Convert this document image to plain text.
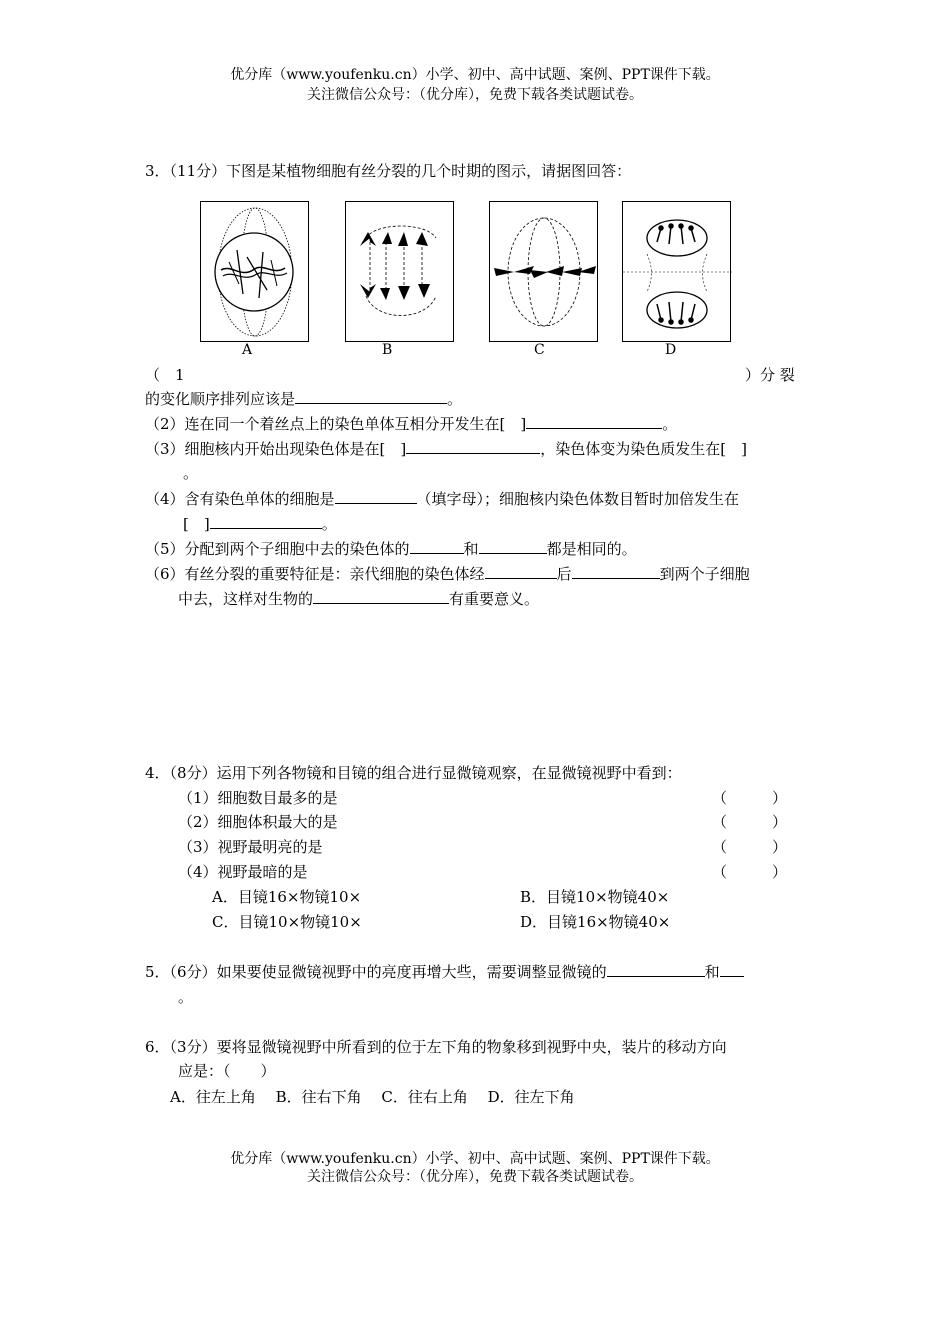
优分库（www.youfenku.cn）小学、初中、高中试题、案例、PPT课件下载。
关注微信公众号：（优分库），免费下载各类试题试卷。
3．（11分）下图是某植物细胞有丝分裂的几个时期的图示，请据图回答：
A	B	C	D
（　1	）分 裂
的变化顺序排列应该是	。
（2）连在同一个着丝点上的染色单体互相分开发生在[　]	。
（3）细胞核内开始出现染色体是在[　]	，染色体变为染色质发生在[　]
。
（4）含有染色单体的细胞是	（填字母）；细胞核内染色体数目暂时加倍发生在
[　]	。
（5）分配到两个子细胞中去的染色体的	和	都是相同的。
（6）有丝分裂的重要特征是：亲代细胞的染色体经	后	到两个子细胞
中去，这样对生物的	有重要意义。
4．（8分）运用下列各物镜和目镜的组合进行显微镜观察，在显微镜视野中看到：
（1）细胞数目最多的是	（　　　）
（2）细胞体积最大的是	（　　　）
（3）视野最明亮的是	（　　　）
（4）视野最暗的是	（　　　）
A．目镜16×物镜10×	B．目镜10×物镜40×
C．目镜10×物镜10×	D．目镜16×物镜40×
5．（6分）如果要使显微镜视野中的亮度再增大些，需要调整显微镜的	和
。
6．（3分）要将显微镜视野中所看到的位于左下角的物象移到视野中央，装片的移动方向
应是：（　　）
A．往左上角　 B．往右下角　 C．往右上角　 D．往左下角
优分库（www.youfenku.cn）小学、初中、高中试题、案例、PPT课件下载。
关注微信公众号：（优分库），免费下载各类试题试卷。
